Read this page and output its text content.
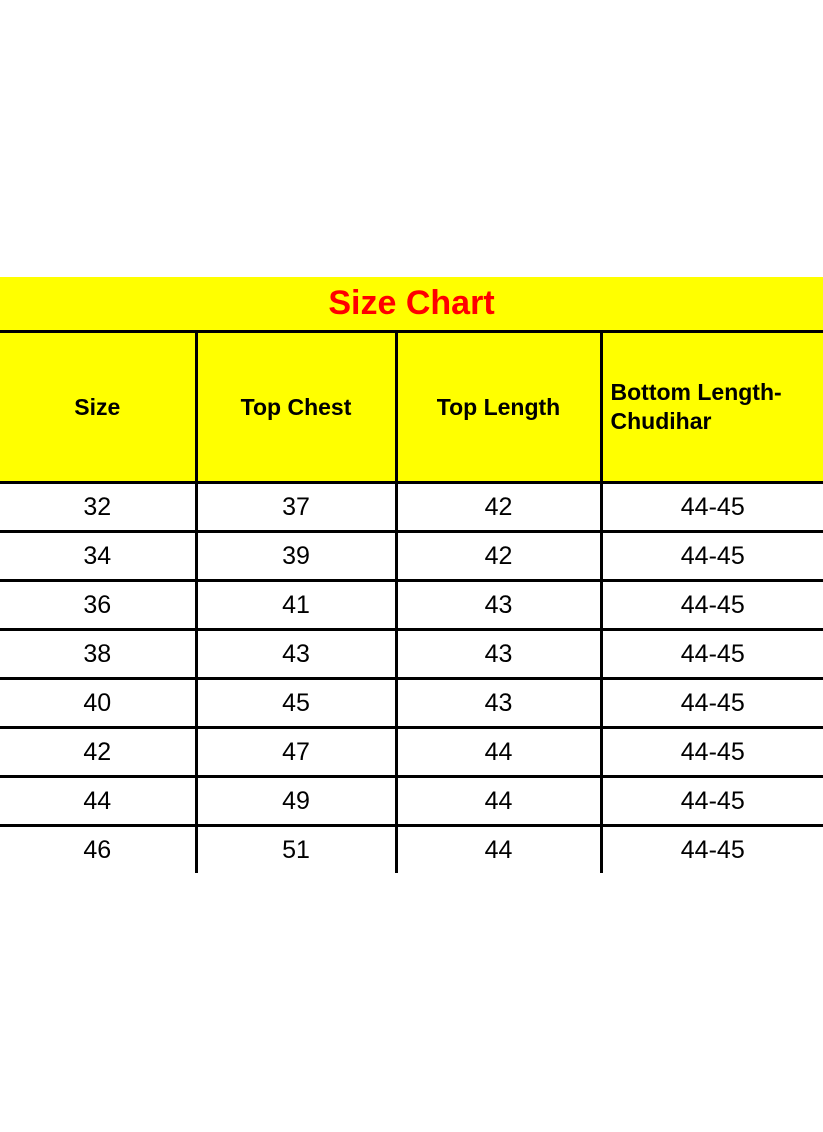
Size Chart			
Size	Top Chest	Top Length	Bottom Length-Chudihar
32	37	42	44-45
34	39	42	44-45
36	41	43	44-45
38	43	43	44-45
40	45	43	44-45
42	47	44	44-45
44	49	44	44-45
46	51	44	44-45
